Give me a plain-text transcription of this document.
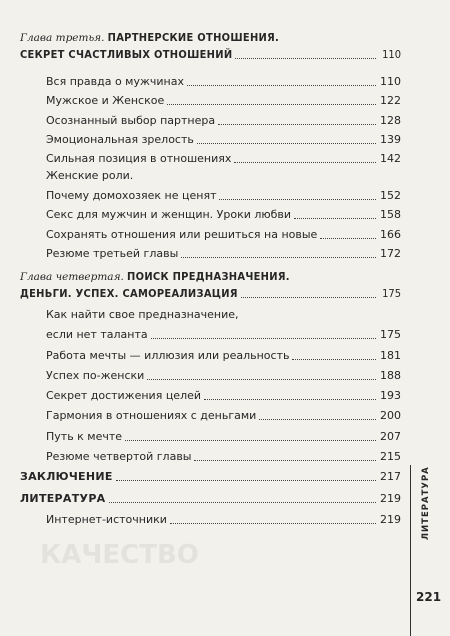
КАЧЕСТВО
Глава третья. ПАРТНЕРСКИЕ ОТНОШЕНИЯ.
СЕКРЕТ СЧАСТЛИВЫХ ОТНОШЕНИЙ	110
Вся правда о мужчинах	110
Мужское и Женское	122
Осознанный выбор партнера	128
Эмоциональная зрелость	139
Сильная позиция в отношениях	142
Женские роли.
Почему домохозяек не ценят	152
Секс для мужчин и женщин. Уроки любви	158
Сохранять отношения или решиться на новые	166
Резюме третьей главы	172
Глава четвертая. ПОИСК ПРЕДНАЗНАЧЕНИЯ.
ДЕНЬГИ. УСПЕХ. САМОРЕАЛИЗАЦИЯ	175
Как найти свое предназначение,
если нет таланта	175
Работа мечты — иллюзия или реальность	181
Успех по-женски	188
Секрет достижения целей	193
Гармония в отношениях с деньгами	200
Путь к мечте	207
Резюме четвертой главы	215
ЗАКЛЮЧЕНИЕ	217
ЛИТЕРАТУРА	219
Интернет-источники	219 ЛИТЕРАТУРА
221
